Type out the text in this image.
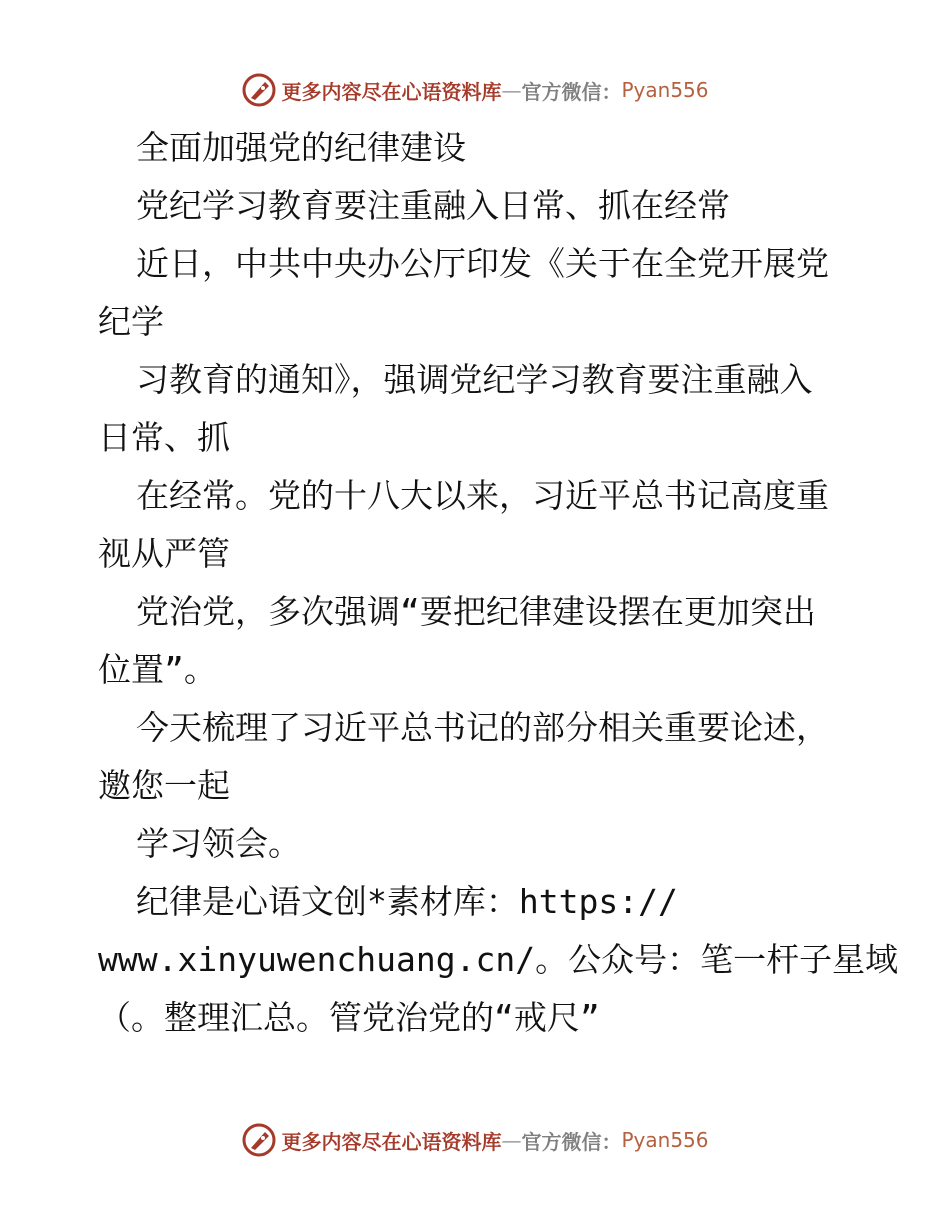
更多内容尽在心语资料库 — 官方微信： Pyan556
全面加强党的纪律建设
党纪学习教育要注重融入日常、抓在经常
近日，中共中央办公厅印发《关于在全党开展党
纪学
习教育的通知》，强调党纪学习教育要注重融入
日常、抓
在经常。党的十八大以来，习近平总书记高度重
视从严管
党治党，多次强调“要把纪律建设摆在更加突出
位置”。
今天梳理了习近平总书记的部分相关重要论述，
邀您一起
学习领会。
纪律是心语文创*素材库：https://
www.xinyuwenchuang.cn/。公众号：笔一杆子星域
（。整理汇总。管党治党的“戒尺”
更多内容尽在心语资料库 — 官方微信： Pyan556
